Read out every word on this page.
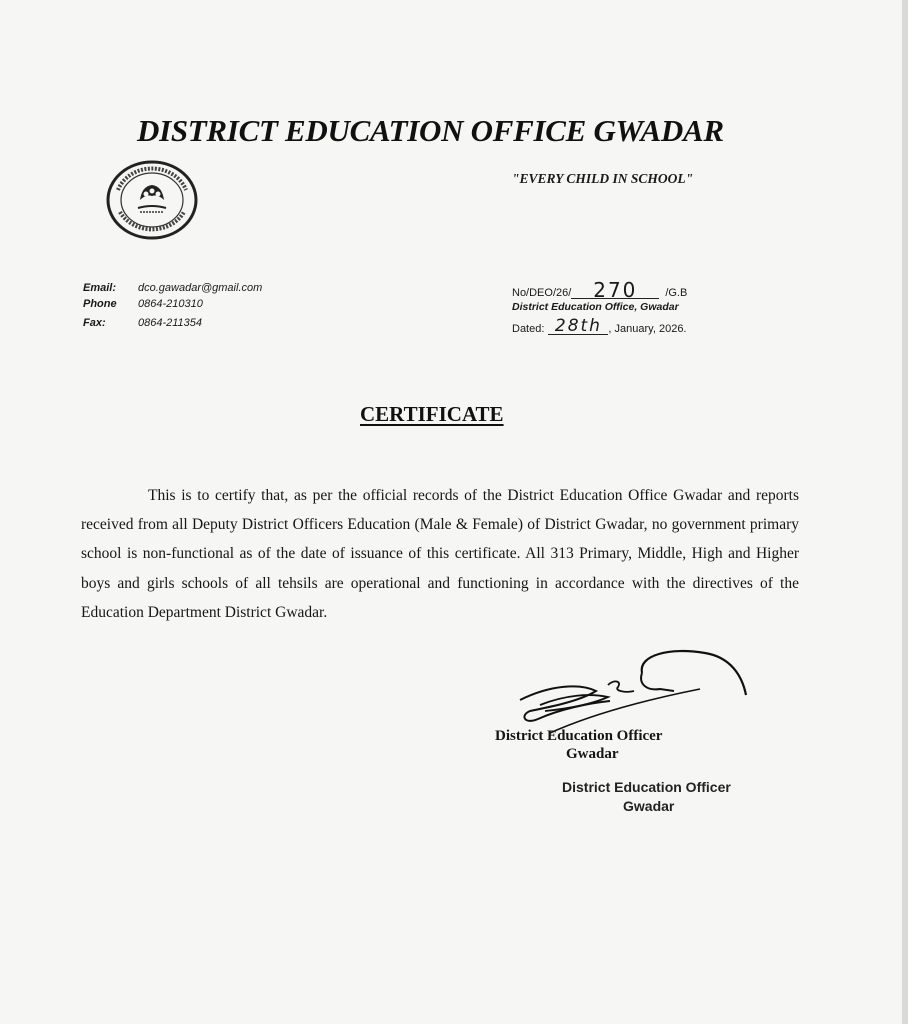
DISTRICT EDUCATION OFFICE GWADAR
"EVERY CHILD IN SCHOOL"
Email:	dco.gawadar@gmail.com
Phone	0864-210310
Fax:	0864-211354
No/DEO/26/	270	/G.B
District Education Office, Gwadar
Dated: 28th , January, 2026.
CERTIFICATE
This is to certify that, as per the official records of the District Education Office Gwadar and reports received from all Deputy District Officers Education (Male & Female) of District Gwadar, no government primary school is non-functional as of the date of issuance of this certificate. All 313 Primary, Middle, High and Higher boys and girls schools of all tehsils are operational and functioning in accordance with the directives of the Education Department District Gwadar.
District Education Officer
Gwadar
District Education Officer
Gwadar
